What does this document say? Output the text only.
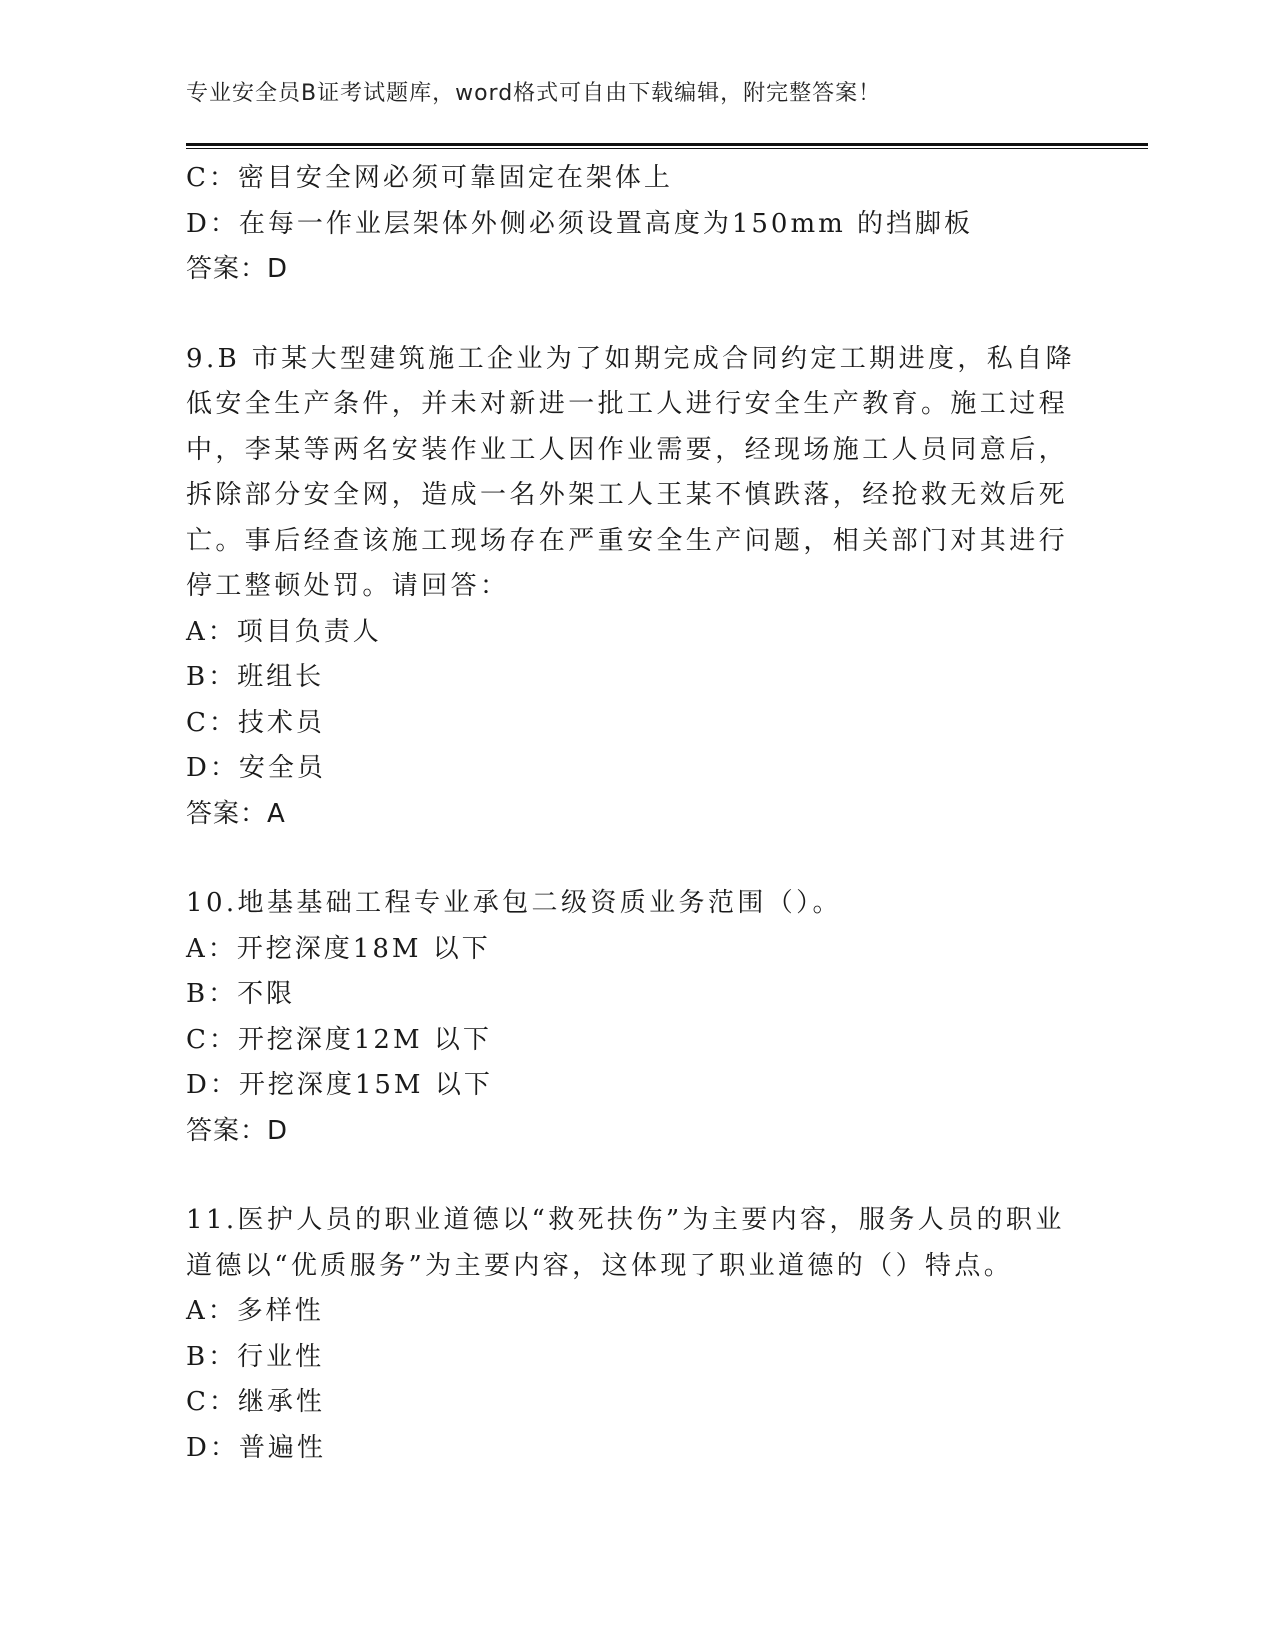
专业安全员B证考试题库，word格式可自由下载编辑，附完整答案！
C：密目安全网必须可靠固定在架体上
D：在每一作业层架体外侧必须设置高度为150mm 的挡脚板
答案：D
9.B 市某大型建筑施工企业为了如期完成合同约定工期进度，私自降
低安全生产条件，并未对新进一批工人进行安全生产教育。施工过程
中，李某等两名安装作业工人因作业需要，经现场施工人员同意后，
拆除部分安全网，造成一名外架工人王某不慎跌落，经抢救无效后死
亡。事后经查该施工现场存在严重安全生产问题，相关部门对其进行
停工整顿处罚。请回答：
A：项目负责人
B：班组长
C：技术员
D：安全员
答案：A
10.地基基础工程专业承包二级资质业务范围（）。
A：开挖深度18M 以下
B：不限
C：开挖深度12M 以下
D：开挖深度15M 以下
答案：D
11.医护人员的职业道德以“救死扶伤”为主要内容，服务人员的职业
道德以“优质服务”为主要内容，这体现了职业道德的（）特点。
A：多样性
B：行业性
C：继承性
D：普遍性
